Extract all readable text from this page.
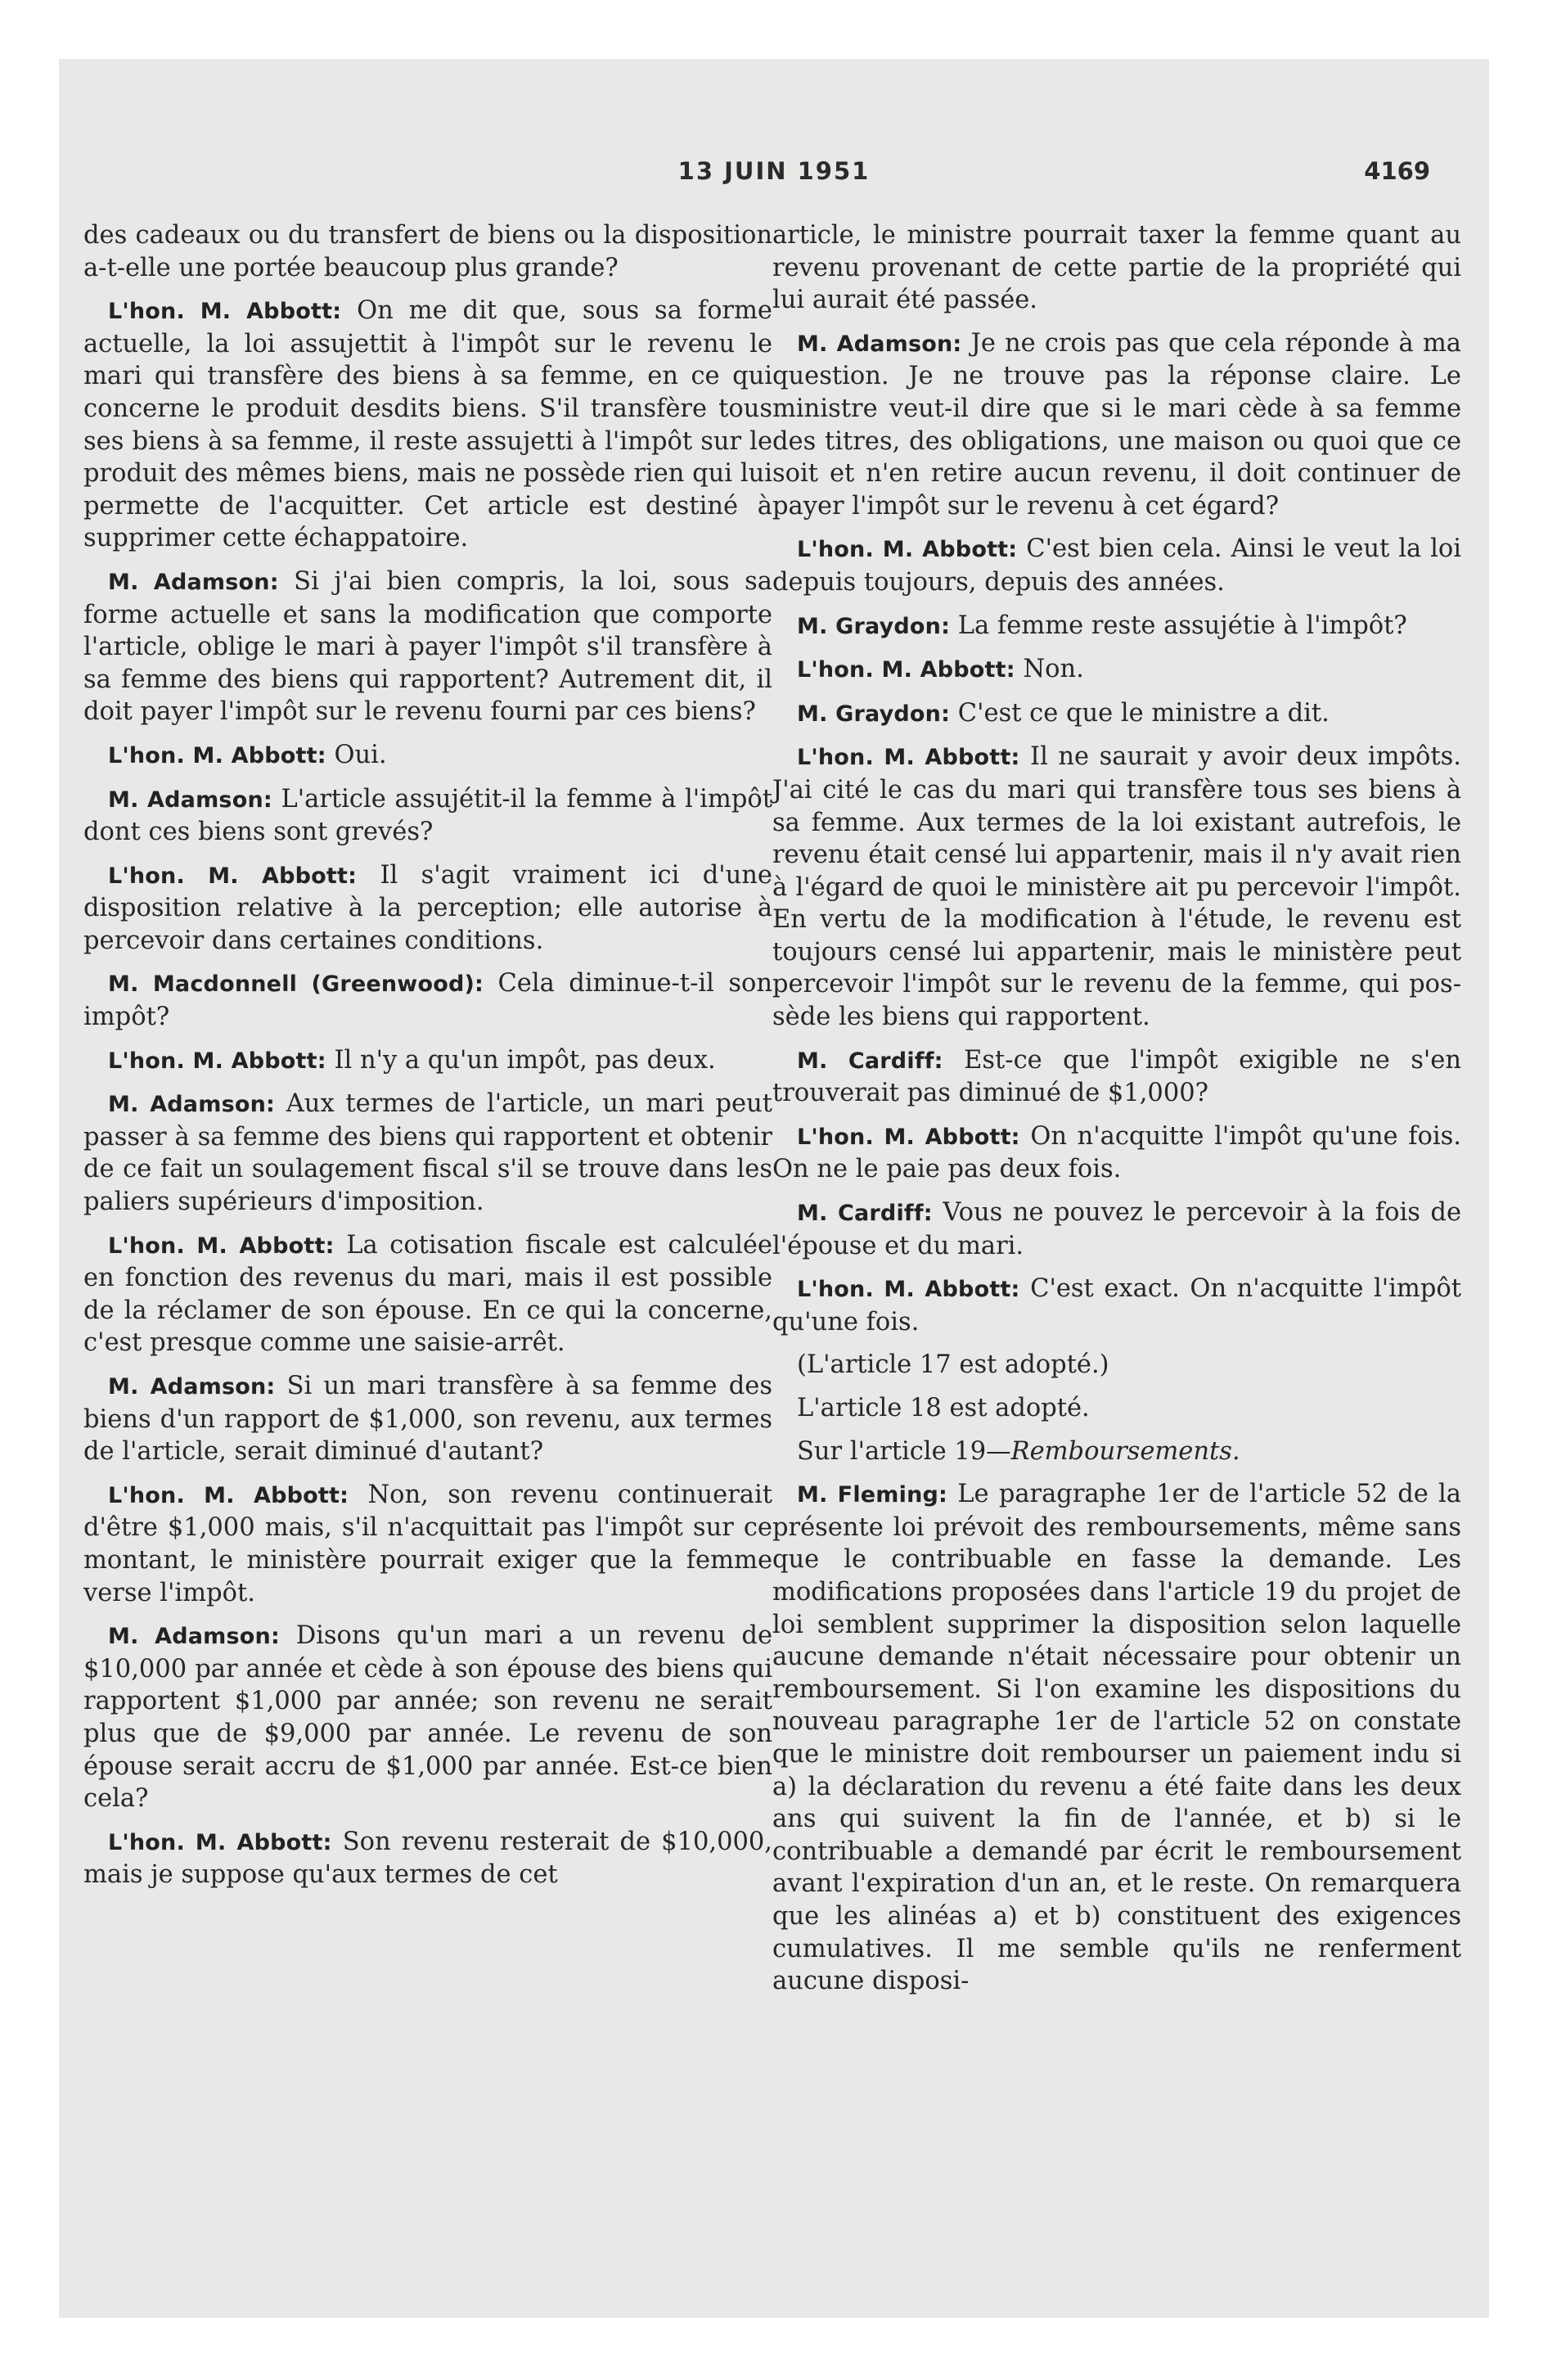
13 JUIN 1951	4169

des cadeaux ou du transfert de biens ou la disposition a-t-elle une portée beaucoup plus grande?

L'hon. M. Abbott: On me dit que, sous sa forme actuelle, la loi assujettit à l'impôt sur le revenu le mari qui transfère des biens à sa femme, en ce qui concerne le produit desdits biens. S'il transfère tous ses biens à sa femme, il reste assujetti à l'impôt sur le produit des mêmes biens, mais ne possède rien qui lui permette de l'acquitter. Cet article est destiné à supprimer cette échappatoire.

M. Adamson: Si j'ai bien compris, la loi, sous sa forme actuelle et sans la modification que comporte l'article, oblige le mari à payer l'impôt s'il transfère à sa femme des biens qui rapportent? Autrement dit, il doit payer l'impôt sur le revenu fourni par ces biens?

L'hon. M. Abbott: Oui.

M. Adamson: L'article assujétit-il la femme à l'impôt dont ces biens sont grevés?

L'hon. M. Abbott: Il s'agit vraiment ici d'une disposition relative à la perception; elle autorise à percevoir dans certaines conditions.

M. Macdonnell (Greenwood): Cela diminue-t-il son impôt?

L'hon. M. Abbott: Il n'y a qu'un impôt, pas deux.

M. Adamson: Aux termes de l'article, un mari peut passer à sa femme des biens qui rapportent et obtenir de ce fait un soulagement fiscal s'il se trouve dans les paliers supérieurs d'imposition.

L'hon. M. Abbott: La cotisation fiscale est calculée en fonction des revenus du mari, mais il est possible de la réclamer de son épouse. En ce qui la concerne, c'est presque comme une saisie-arrêt.

M. Adamson: Si un mari transfère à sa femme des biens d'un rapport de $1,000, son revenu, aux termes de l'article, serait diminué d'autant?

L'hon. M. Abbott: Non, son revenu continuerait d'être $1,000 mais, s'il n'acquittait pas l'impôt sur ce montant, le ministère pourrait exiger que la femme verse l'impôt.

M. Adamson: Disons qu'un mari a un revenu de $10,000 par année et cède à son épouse des biens qui rapportent $1,000 par année; son revenu ne serait plus que de $9,000 par année. Le revenu de son épouse serait accru de $1,000 par année. Est-ce bien cela?

L'hon. M. Abbott: Son revenu resterait de $10,000, mais je suppose qu'aux termes de cet

article, le ministre pourrait taxer la femme quant au revenu provenant de cette partie de la propriété qui lui aurait été passée.

M. Adamson: Je ne crois pas que cela réponde à ma question. Je ne trouve pas la réponse claire. Le ministre veut-il dire que si le mari cède à sa femme des titres, des obligations, une maison ou quoi que ce soit et n'en retire aucun revenu, il doit continuer de payer l'impôt sur le revenu à cet égard?

L'hon. M. Abbott: C'est bien cela. Ainsi le veut la loi depuis toujours, depuis des années.

M. Graydon: La femme reste assujétie à l'impôt?

L'hon. M. Abbott: Non.

M. Graydon: C'est ce que le ministre a dit.

L'hon. M. Abbott: Il ne saurait y avoir deux impôts. J'ai cité le cas du mari qui transfère tous ses biens à sa femme. Aux termes de la loi existant autrefois, le revenu était censé lui appartenir, mais il n'y avait rien à l'égard de quoi le ministère ait pu percevoir l'impôt. En vertu de la modification à l'étude, le revenu est toujours censé lui appartenir, mais le ministère peut percevoir l'impôt sur le revenu de la femme, qui possède les biens qui rapportent.

M. Cardiff: Est-ce que l'impôt exigible ne s'en trouverait pas diminué de $1,000?

L'hon. M. Abbott: On n'acquitte l'impôt qu'une fois. On ne le paie pas deux fois.

M. Cardiff: Vous ne pouvez le percevoir à la fois de l'épouse et du mari.

L'hon. M. Abbott: C'est exact. On n'acquitte l'impôt qu'une fois.

(L'article 17 est adopté.)

L'article 18 est adopté.

Sur l'article 19—Remboursements.

M. Fleming: Le paragraphe 1er de l'article 52 de la présente loi prévoit des remboursements, même sans que le contribuable en fasse la demande. Les modifications proposées dans l'article 19 du projet de loi semblent supprimer la disposition selon laquelle aucune demande n'était nécessaire pour obtenir un remboursement. Si l'on examine les dispositions du nouveau paragraphe 1er de l'article 52 on constate que le ministre doit rembourser un paiement indu si a) la déclaration du revenu a été faite dans les deux ans qui suivent la fin de l'année, et b) si le contribuable a demandé par écrit le remboursement avant l'expiration d'un an, et le reste. On remarquera que les alinéas a) et b) constituent des exigences cumulatives. Il me semble qu'ils ne renferment aucune disposi-
